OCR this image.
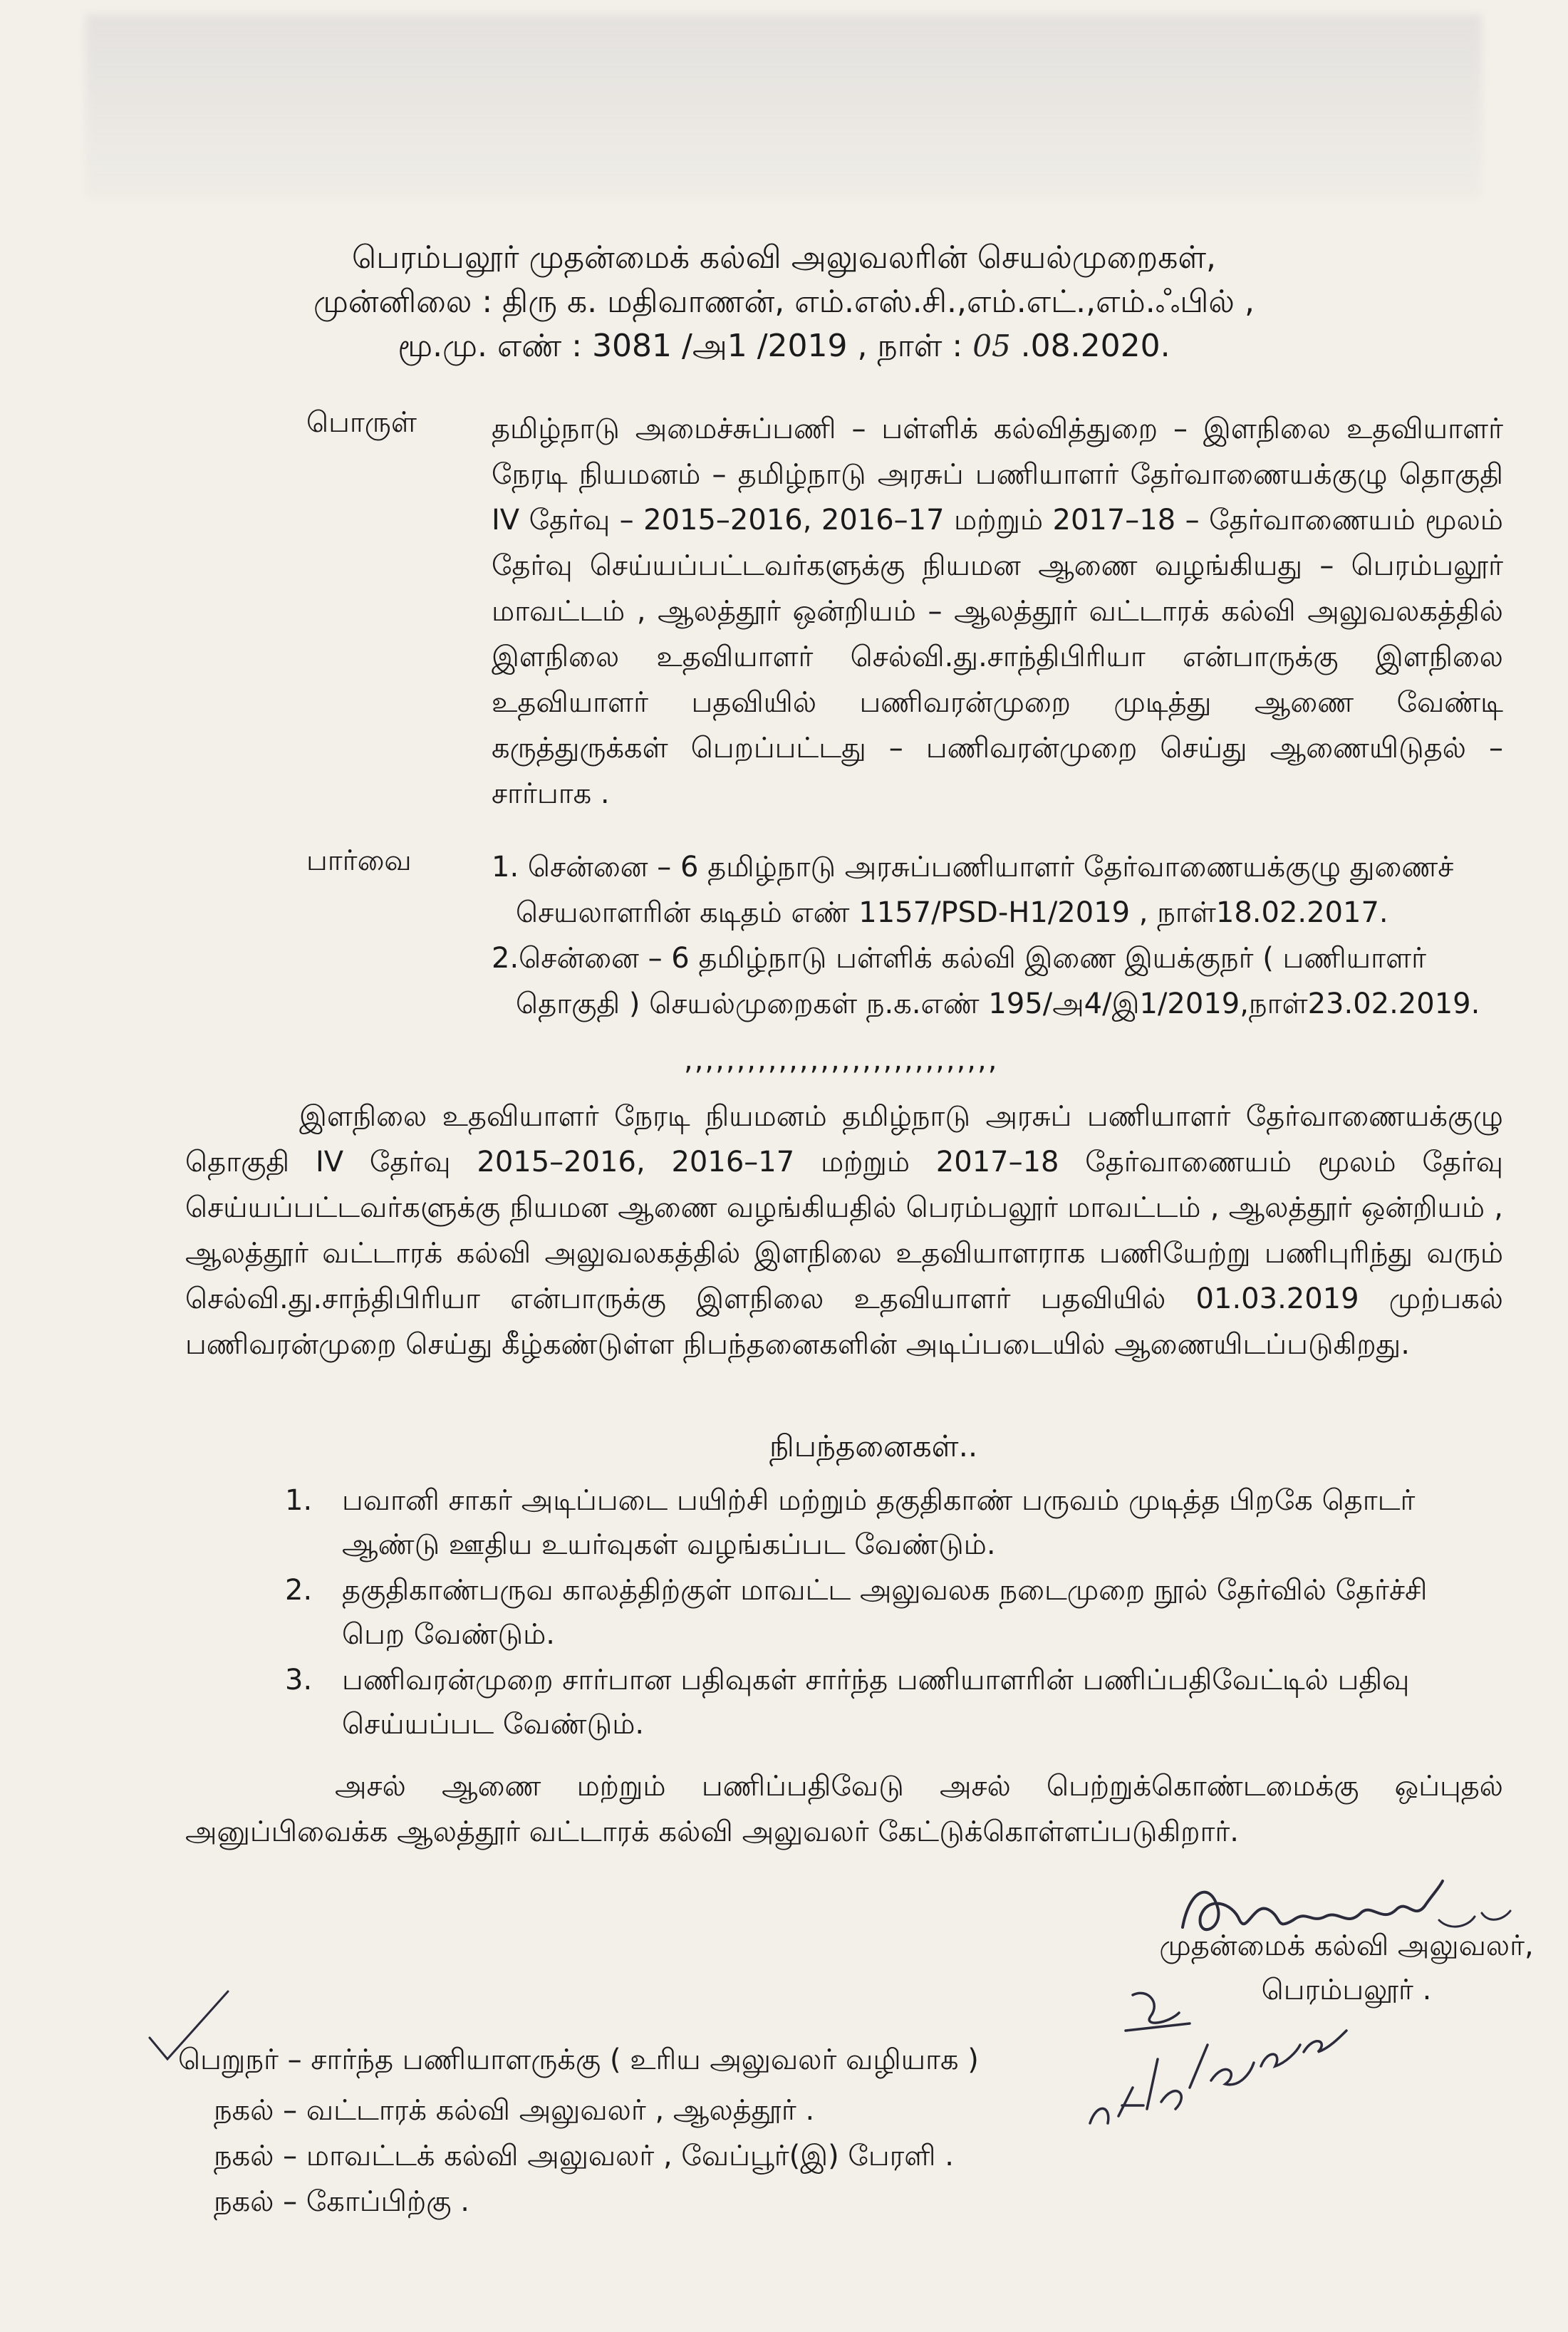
பெரம்பலூர் முதன்மைக் கல்வி அலுவலரின் செயல்முறைகள்,
முன்னிலை : திரு க. மதிவாணன், எம்.எஸ்.சி.,எம்.எட்.,எம்.ஃபில் ,
மூ.மு. எண் : 3081 /அ1 /2019 , நாள் : 05 .08.2020.
பொருள்	தமிழ்நாடு அமைச்சுப்பணி – பள்ளிக் கல்வித்துறை – இளநிலை உதவியாளர் நேரடி நியமனம் – தமிழ்நாடு அரசுப் பணியாளர் தேர்வாணையக்குழு தொகுதி IV தேர்வு – 2015–2016, 2016–17 மற்றும் 2017–18 – தேர்வாணையம் மூலம் தேர்வு செய்யப்பட்டவர்களுக்கு நியமன ஆணை வழங்கியது – பெரம்பலூர் மாவட்டம் , ஆலத்தூர் ஒன்றியம் – ஆலத்தூர் வட்டாரக் கல்வி அலுவலகத்தில் இளநிலை உதவியாளர் செல்வி.து.சாந்திபிரியா என்பாருக்கு இளநிலை உதவியாளர் பதவியில் பணிவரன்முறை முடித்து ஆணை வேண்டி கருத்துருக்கள் பெறப்பட்டது – பணிவரன்முறை செய்து ஆணையிடுதல் – சார்பாக .
பார்வை	1. சென்னை – 6 தமிழ்நாடு அரசுப்பணியாளர் தேர்வாணையக்குழு துணைச்
செயலாளரின் கடிதம் எண் 1157/PSD-H1/2019 , நாள்18.02.2017.
2.சென்னை – 6 தமிழ்நாடு பள்ளிக் கல்வி இணை இயக்குநர் ( பணியாளர்
தொகுதி ) செயல்முறைகள் ந.க.எண் 195/அ4/இ1/2019,நாள்23.02.2019.
,,,,,,,,,,,,,,,,,,,,,,,,,,,,,,
இளநிலை உதவியாளர் நேரடி நியமனம் தமிழ்நாடு அரசுப் பணியாளர் தேர்வாணையக்குழு தொகுதி IV தேர்வு 2015–2016, 2016–17 மற்றும் 2017–18 தேர்வாணையம் மூலம் தேர்வு செய்யப்பட்டவர்களுக்கு நியமன ஆணை வழங்கியதில் பெரம்பலூர் மாவட்டம் , ஆலத்தூர் ஒன்றியம் , ஆலத்தூர் வட்டாரக் கல்வி அலுவலகத்தில் இளநிலை உதவியாளராக பணியேற்று பணிபுரிந்து வரும் செல்வி.து.சாந்திபிரியா என்பாருக்கு இளநிலை உதவியாளர் பதவியில் 01.03.2019 முற்பகல் பணிவரன்முறை செய்து கீழ்கண்டுள்ள நிபந்தனைகளின் அடிப்படையில் ஆணையிடப்படுகிறது.
நிபந்தனைகள்..
1.	பவானி சாகர் அடிப்படை பயிற்சி மற்றும் தகுதிகாண் பருவம் முடித்த பிறகே தொடர் ஆண்டு ஊதிய உயர்வுகள் வழங்கப்பட வேண்டும்.
2.	தகுதிகாண்பருவ காலத்திற்குள் மாவட்ட அலுவலக நடைமுறை நூல் தேர்வில் தேர்ச்சி பெற வேண்டும்.
3.	பணிவரன்முறை சார்பான பதிவுகள் சார்ந்த பணியாளரின் பணிப்பதிவேட்டில் பதிவு செய்யப்பட வேண்டும்.
அசல் ஆணை மற்றும் பணிப்பதிவேடு அசல் பெற்றுக்கொண்டமைக்கு ஒப்புதல் அனுப்பிவைக்க ஆலத்தூர் வட்டாரக் கல்வி அலுவலர் கேட்டுக்கொள்ளப்படுகிறார்.
முதன்மைக் கல்வி அலுவலர்,
பெரம்பலூர் .
பெறுநர் – சார்ந்த பணியாளருக்கு ( உரிய அலுவலர் வழியாக )
நகல் – வட்டாரக் கல்வி அலுவலர் , ஆலத்தூர் .
நகல் – மாவட்டக் கல்வி அலுவலர் , வேப்பூர்(இ) பேரளி .
நகல் – கோப்பிற்கு .
